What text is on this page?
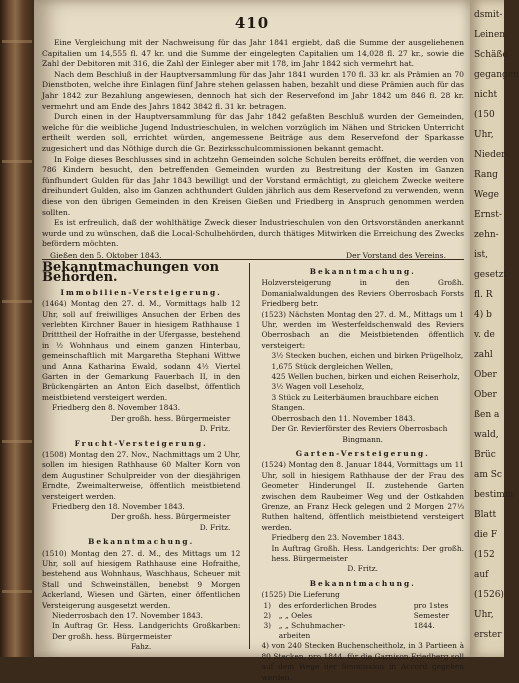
410

Eine Vergleichung mit der Nachweisung für das Jahr 1841 ergiebt, daß die Summe der ausgeliehenen Capitalien um 14,555 fl. 47 kr. und die Summe der eingelegten Capitalien um 14,028 fl. 27 kr., sowie die Zahl der Debitoren mit 316, die Zahl der Einleger aber mit 178, im Jahr 1842 sich vermehrt hat.

Nach dem Beschluß in der Hauptversammlung für das Jahr 1841 wurden 170 fl. 33 kr. als Prämien an 70 Dienstboten, welche ihre Einlagen fünf Jahre stehen gelassen haben, bezahlt und diese Prämien auch für das Jahr 1842 zur Bezahlung angewiesen, dennoch hat sich der Reservefond im Jahr 1842 um 846 fl. 28 kr. vermehrt und am Ende des Jahrs 1842 3842 fl. 31 kr. betragen.

Durch einen in der Hauptversammlung für das Jahr 1842 gefaßten Beschluß wurden der Gemeinden, welche für die weibliche Jugend Industrieschulen, in welchen vorzüglich im Nähen und Stricken Unterricht ertheilt werden soll, errichtet würden, angemessene Beiträge aus dem Reservefond der Sparkasse zugesichert und das Nöthige durch die Gr. Bezirksschulcommissionen bekannt gemacht.

In Folge dieses Beschlusses sind in achtzehn Gemeinden solche Schulen bereits eröffnet, die werden von 786 Kindern besucht, den betreffenden Gemeinden wurden zu Bestreitung der Kosten im Ganzen fünfhundert Gulden für das Jahr 1843 bewilligt und der Vorstand ermächtigt, zu gleichem Zwecke weitere dreihundert Gulden, also im Ganzen achthundert Gulden jährlich aus dem Reservefond zu verwenden, wenn diese von den übrigen Gemeinden in den Kreisen Gießen und Friedberg in Anspruch genommen werden sollten.

Es ist erfreulich, daß der wohlthätige Zweck dieser Industrieschulen von den Ortsvorständen anerkannt wurde und zu wünschen, daß die Local-Schulbehörden, durch thätiges Mitwirken die Erreichung des Zwecks befördern möchten.

Gießen den 5. Oktober 1843.	Der Vorstand des Vereins.
Bekanntmachungen von Behörden.
Immobilien-Versteigerung.

(1464) Montag den 27. d. M., Vormittags halb 12 Uhr, soll auf freiwilliges Ansuchen der Erben des verlebten Kirchner Bauer in hiesigem Rathhause 1 Dritttheil der Hofraithe in der Ufergasse, bestehend in ½ Wohnhaus und einem ganzen Hinterbau, gemeinschaftlich mit Margaretha Stephani Wittwe und Anna Katharina Ewald, sodann 4½ Viertel Garten in der Gemarkung Fauerbach II, in den Brückengärten an Anton Eich daselbst, öffentlich meistbietend versteigert werden.

Friedberg den 8. November 1843.

Der großh. hess. Bürgermeister

D. Fritz.

Frucht-Versteigerung.

(1508) Montag den 27. Nov., Nachmittags um 2 Uhr, sollen im hiesigen Rathhause 60 Malter Korn von dem Augustiner Schulpreider von der diesjährigen Erndte, Zweimalterweise, öffentlich meistbietend versteigert werden.

Friedberg den 18. November 1843.

Der großh. hess. Bürgermeister

D. Fritz.

Bekanntmachung.

(1510) Montag den 27. d. M., des Mittags um 12 Uhr, soll auf hiesigem Rathhause eine Hofraithe, bestehend aus Wohnhaus, Waschhaus, Scheuer mit Stall und Schweinställen, benebst 9 Morgen Ackerland, Wiesen und Gärten, einer öffentlichen Versteigerung ausgesetzt werden.

Niederrosbach den 17. November 1843.

In Auftrag Gr. Hess. Landgerichts Großkarben: Der großh. hess. Bürgermeister

Fahz.

Bekanntmachung.

Holzversteigerung in den Großh. Domanialwaldungen des Reviers Oberrosbach Forsts Friedberg betr.

(1523) Nächsten Montag den 27. d. M., Mittags um 1 Uhr, werden im Westerfeldschenwald des Reviers Oberrosbach an die Meistbietenden öffentlich versteigert:

3½ Stecken buchen, eichen und birken Prügelholz,

1,675 Stück dergleichen Wellen,

425 Wellen buchen, birken und eichen Reiserholz,

3½ Wagen voll Leseholz,

3 Stück zu Leiterbäumen brauchbare eichen Stangen.

Oberrosbach den 11. November 1843.

Der Gr. Revierförster des Reviers Oberrosbach

Bingmann.

Garten-Versteigerung.

(1524) Montag den 8. Januar 1844, Vormittags um 11 Uhr, soll in hiesigem Rathhause der der Frau des Geometer Hinderungel II. zustehende Garten zwischen dem Raubeimer Weg und der Ostkahden Grenze, an Franz Heck gelegen und 2 Morgen 27⅓ Ruthen haltend, öffentlich meistbietend versteigert werden.

Friedberg den 23. November 1843.

In Auftrag Großh. Hess. Landgerichts: Der großh. hess. Bürgermeister

D. Fritz.

Bekanntmachung.

(1525) Die Lieferung

1)	des erforderlichen Brodes	pro 1stes
2)	„ „ Oeles	Semester
3)	„ „ Schuhmacher-	1844.
	arbeiten	

4) von 240 Stecken Buchenscheitholz, in 3 Partieen à 80 Stecken, pro 1844, für die Garnison Friedberg soll auf dem Wege der Soumission in Accord gegeben werden.

dsmit-
Leinen
Schäße
gegangen
nicht
(150
Uhr,
Nieder-
Rang
Wege
Ernst-
zehn-
ist,
gesetzt
fl. R
4) b
v. de
zahl
Ober
Ober
ßen a
wald,
Brüc
am Sc
bestimm
Blatt
die F
(152
auf
(1526)
Uhr,
erster
